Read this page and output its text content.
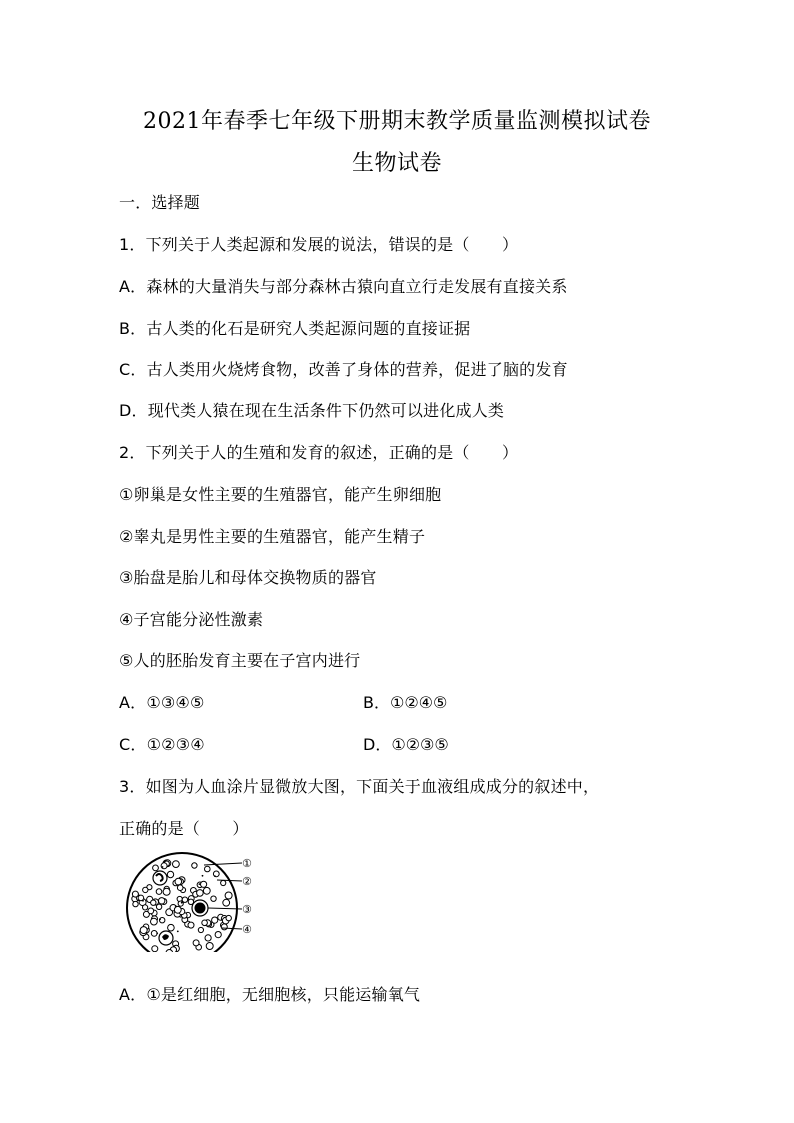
2021年春季七年级下册期末教学质量监测模拟试卷
生物试卷
一．选择题
1．下列关于人类起源和发展的说法，错误的是（　　）
A．森林的大量消失与部分森林古猿向直立行走发展有直接关系
B．古人类的化石是研究人类起源问题的直接证据
C．古人类用火烧烤食物，改善了身体的营养，促进了脑的发育
D．现代类人猿在现在生活条件下仍然可以进化成人类
2．下列关于人的生殖和发育的叙述，正确的是（　　）
①卵巢是女性主要的生殖器官，能产生卵细胞
②睾丸是男性主要的生殖器官，能产生精子
③胎盘是胎儿和母体交换物质的器官
④子宫能分泌性激素
⑤人的胚胎发育主要在子宫内进行
A．①③④⑤	B．①②④⑤
C．①②③④	D．①②③⑤
3．如图为人血涂片显微放大图，下面关于血液组成成分的叙述中，
正确的是（　　）
①
②
③
④
A．①是红细胞，无细胞核，只能运输氧气
